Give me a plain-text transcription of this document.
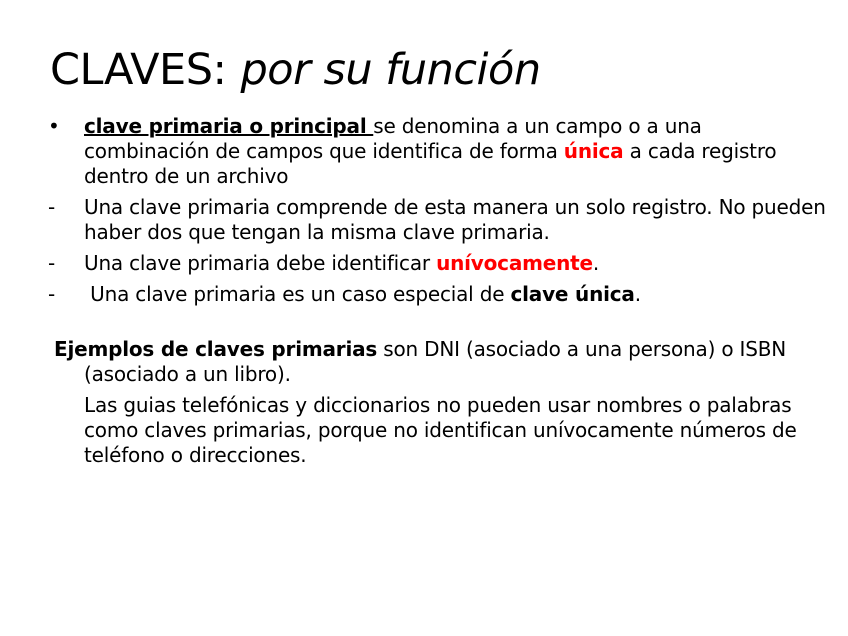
CLAVES: por su función

• clave primaria o principal se denomina a un campo o a una combinación de campos que identifica de forma única a cada registro dentro de un archivo

- Una clave primaria comprende de esta manera un solo registro. No pueden haber dos que tengan la misma clave primaria.

- Una clave primaria debe identificar unívocamente.

- Una clave primaria es un caso especial de clave única.

Ejemplos de claves primarias son DNI (asociado a una persona) o ISBN (asociado a un libro).

Las guias telefónicas y diccionarios no pueden usar nombres o palabras como claves primarias, porque no identifican unívocamente números de teléfono o direcciones.
